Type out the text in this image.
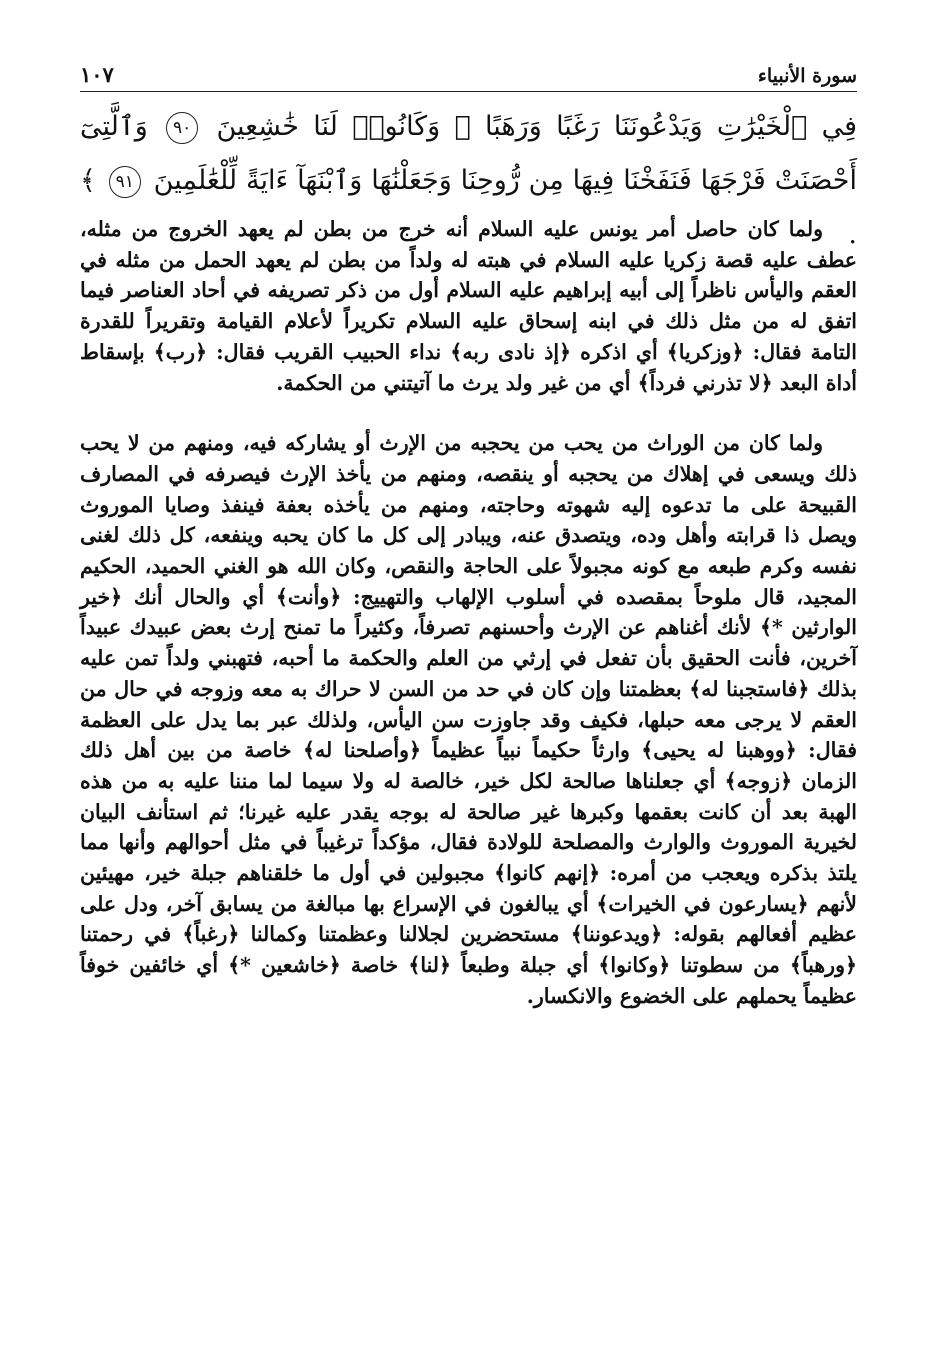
١٠٧	سورة الأنبياء
فِي ٱلْخَيْرَٰتِ وَيَدْعُونَنَا رَغَبًا وَرَهَبًا ۖ وَكَانُوا۟ لَنَا خَٰشِعِينَ ٩٠ وَٱلَّتِىٓ أَحْصَنَتْ فَرْجَهَا فَنَفَخْنَا فِيهَا مِن رُّوحِنَا وَجَعَلْنَٰهَا وَٱبْنَهَآ ءَايَةً لِّلْعَٰلَمِينَ ٩١ ﴾ .

ولما كان حاصل أمر يونس عليه السلام أنه خرج من بطن لم يعهد الخروج من مثله، عطف عليه قصة زكريا عليه السلام في هبته له ولداً من بطن لم يعهد الحمل من مثله في العقم واليأس ناظراً إلى أبيه إبراهيم عليه السلام أول من ذكر تصريفه في أحاد العناصر فيما اتفق له من مثل ذلك في ابنه إسحاق عليه السلام تكريراً لأعلام القيامة وتقريراً للقدرة التامة فقال: ﴿وزكريا﴾ أي اذكره ﴿إذ نادى ربه﴾ نداء الحبيب القريب فقال: ﴿رب﴾ بإسقاط أداة البعد ﴿لا تذرني فرداً﴾ أي من غير ولد يرث ما آتيتني من الحكمة.

ولما كان من الوراث من يحب من يحجبه من الإرث أو يشاركه فيه، ومنهم من لا يحب ذلك ويسعى في إهلاك من يحجبه أو ينقصه، ومنهم من يأخذ الإرث فيصرفه في المصارف القبيحة على ما تدعوه إليه شهوته وحاجته، ومنهم من يأخذه بعفة فينفذ وصايا الموروث ويصل ذا قرابته وأهل وده، ويتصدق عنه، ويبادر إلى كل ما كان يحبه وينفعه، كل ذلك لغنى نفسه وكرم طبعه مع كونه مجبولاً على الحاجة والنقص، وكان الله هو الغني الحميد، الحكيم المجيد، قال ملوحاً بمقصده في أسلوب الإلهاب والتهييج: ﴿وأنت﴾ أي والحال أنك ﴿خير الوارثين *﴾ لأنك أغناهم عن الإرث وأحسنهم تصرفاً، وكثيراً ما تمنح إرث بعض عبيدك عبيداً آخرين، فأنت الحقيق بأن تفعل في إرثي من العلم والحكمة ما أحبه، فتهبني ولداً تمن عليه بذلك ﴿فاستجبنا له﴾ بعظمتنا وإن كان في حد من السن لا حراك به معه وزوجه في حال من العقم لا يرجى معه حبلها، فكيف وقد جاوزت سن اليأس، ولذلك عبر بما يدل على العظمة فقال: ﴿ووهبنا له يحيى﴾ وارثاً حكيماً نبياً عظيماً ﴿وأصلحنا له﴾ خاصة من بين أهل ذلك الزمان ﴿زوجه﴾ أي جعلناها صالحة لكل خير، خالصة له ولا سيما لما مننا عليه به من هذه الهبة بعد أن كانت بعقمها وكبرها غير صالحة له بوجه يقدر عليه غيرنا؛ ثم استأنف البيان لخيرية الموروث والوارث والمصلحة للولادة فقال، مؤكداً ترغيباً في مثل أحوالهم وأنها مما يلتذ بذكره ويعجب من أمره: ﴿إنهم كانوا﴾ مجبولين في أول ما خلقناهم جبلة خير، مهيئين لأنهم ﴿يسارعون في الخيرات﴾ أي يبالغون في الإسراع بها مبالغة من يسابق آخر، ودل على عظيم أفعالهم بقوله: ﴿ويدعوننا﴾ مستحضرين لجلالنا وعظمتنا وكمالنا ﴿رغباً﴾ في رحمتنا ﴿ورهباً﴾ من سطوتنا ﴿وكانوا﴾ أي جبلة وطبعاً ﴿لنا﴾ خاصة ﴿خاشعين *﴾ أي خائفين خوفاً عظيماً يحملهم على الخضوع والانكسار.
